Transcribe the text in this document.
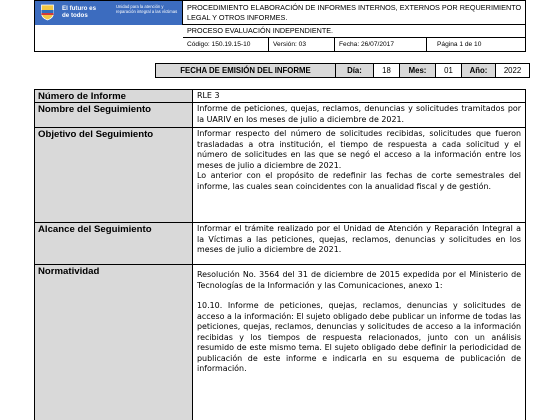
El futuro es de todos
Unidad para la atención y reparación integral a las víctimas	PROCEDIMIENTO ELABORACIÓN DE INFORMES INTERNOS, EXTERNOS POR REQUERIMIENTO LEGAL Y OTROS INFORMES.
PROCESO EVALUACIÓN INDEPENDIENTE.
Código: 150.19.15-10	Versión: 03	Fecha: 26/07/2017	Página 1 de 10
FECHA DE EMISIÓN DEL INFORME	Día:	18	Mes:	01	Año:	2022
Número de Informe	RLE 3
Nombre del Seguimiento	Informe de peticiones, quejas, reclamos, denuncias y solicitudes tramitados por la UARIV en los meses de julio a diciembre de 2021.
Objetivo del Seguimiento	Informar respecto del número de solicitudes recibidas, solicitudes que fueron trasladadas a otra institución, el tiempo de respuesta a cada solicitud y el número de solicitudes en las que se negó el acceso a la información entre los meses de julio a diciembre de 2021.

Lo anterior con el propósito de redefinir las fechas de corte semestrales del informe, las cuales sean coincidentes con la anualidad fiscal y de gestión.

Alcance del Seguimiento	Informar el trámite realizado por el Unidad de Atención y Reparación Integral a la Víctimas a las peticiones, quejas, reclamos, denuncias y solicitudes en los meses de julio a diciembre de 2021.
Normatividad	Resolución No. 3564 del 31 de diciembre de 2015 expedida por el Ministerio de Tecnologías de la Información y las Comunicaciones, anexo 1:

10.10. Informe de peticiones, quejas, reclamos, denuncias y solicitudes de acceso a la información: El sujeto obligado debe publicar un informe de todas las peticiones, quejas, reclamos, denuncias y solicitudes de acceso a la información recibidas y los tiempos de respuesta relacionados, junto con un análisis resumido de este mismo tema. El sujeto obligado debe definir la periodicidad de publicación de este informe e indicarla en su esquema de publicación de información.
